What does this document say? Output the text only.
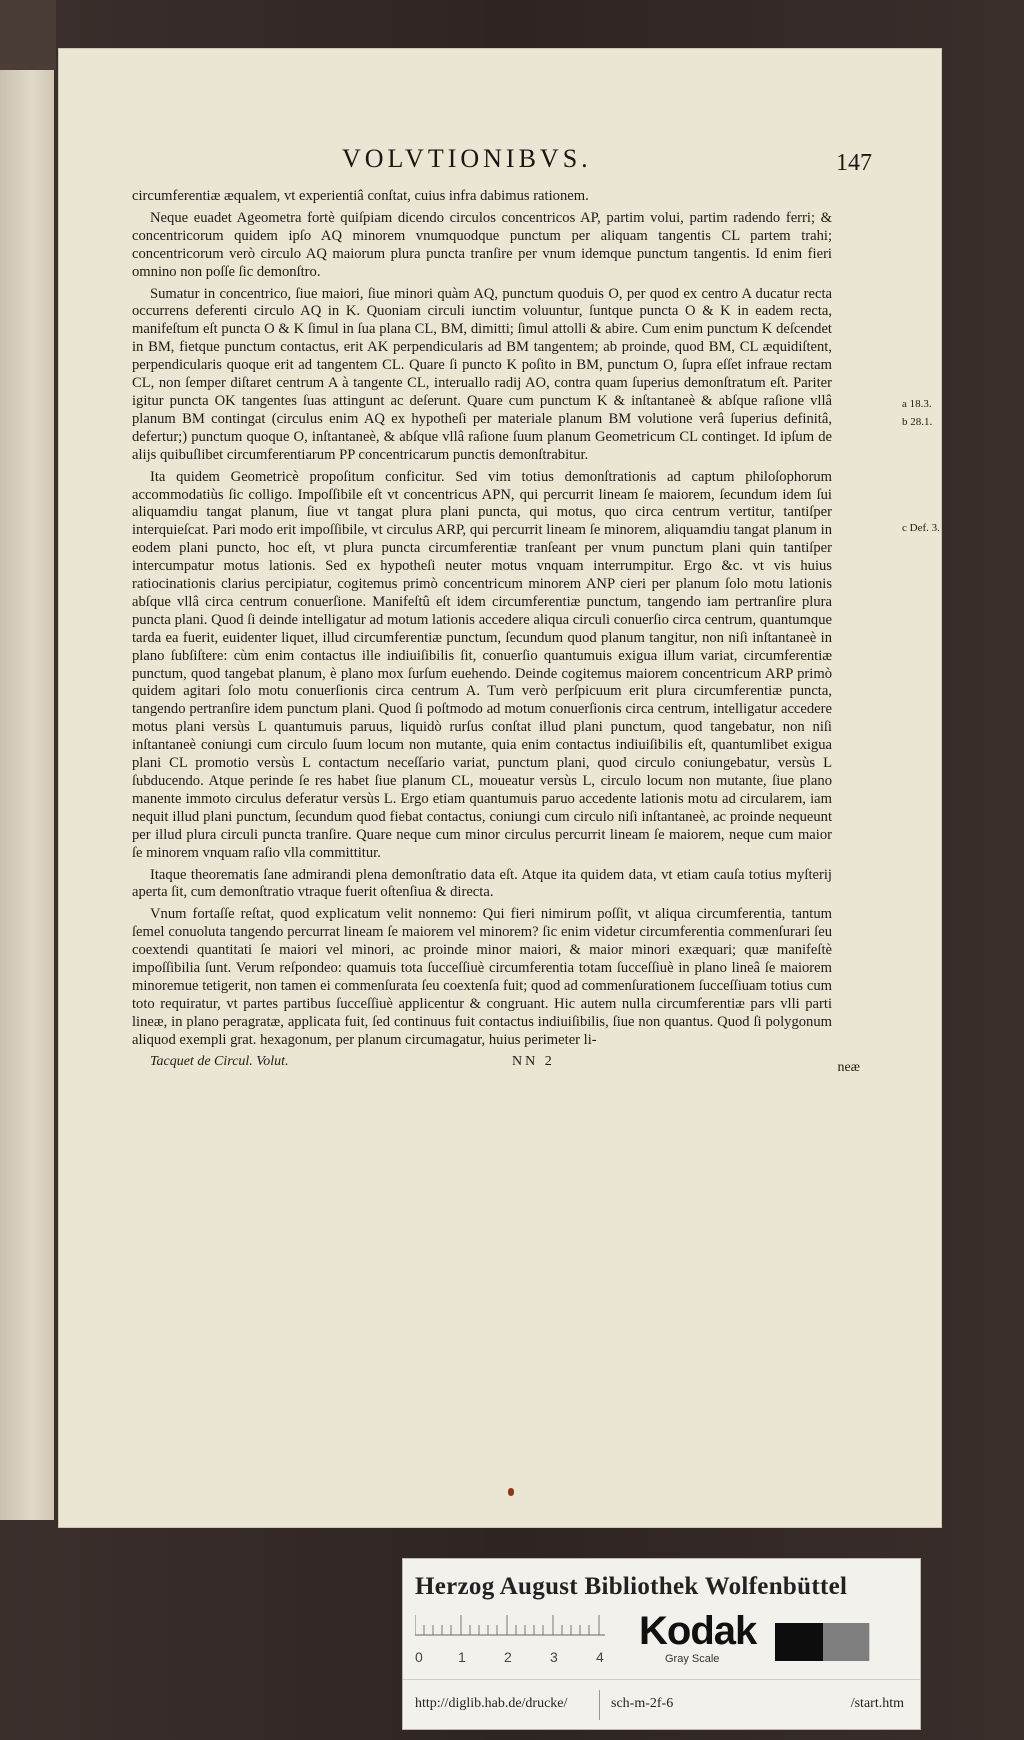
VOLVTIONIBVS.	147

circumferentiæ æqualem, vt experientiâ conſtat, cuius infra dabimus rationem.

Neque euadet Ageometra fortè quiſpiam dicendo circulos concentricos AP, partim volui, partim radendo ferri; & concentricorum quidem ipſo AQ minorem vnumquodque punctum per aliquam tangentis CL partem trahi; concentricorum verò circulo AQ maiorum plura puncta tranſire per vnum idemque punctum tangentis. Id enim fieri omnino non poſſe ſic demonſtro.

Sumatur in concentrico, ſiue maiori, ſiue minori quàm AQ, punctum quoduis O, per quod ex centro A ducatur recta occurrens deferenti circulo AQ in K. Quoniam circuli iunctim voluuntur, ſuntque puncta O & K in eadem recta, manifeſtum eſt puncta O & K ſimul in ſua plana CL, BM, dimitti; ſimul attolli & abire. Cum enim punctum K deſcendet in BM, fietque punctum contactus, erit AK perpendicularis ad BM tangentem; ab proinde, quod BM, CL æquidiſtent, perpendicularis quoque erit ad tangentem CL. Quare ſi puncto K poſito in BM, punctum O, ſupra eſſet infraue rectam CL, non ſemper diſtaret centrum A à tangente CL, interuallo radij AO, contra quam ſuperius demonſtratum eſt. Pariter igitur puncta OK tangentes ſuas attingunt ac deſerunt. Quare cum punctum K & inſtantaneè & abſque raſione vllâ planum BM contingat (circulus enim AQ ex hypotheſi per materiale planum BM volutione verâ ſuperius definitâ, defertur;) punctum quoque O, inſtantaneè, & abſque vllâ raſione ſuum planum Geometricum CL continget. Id ipſum de alijs quibuſlibet circumferentiarum PP concentricarum punctis demonſtrabitur.

Ita quidem Geometricè propoſitum conficitur. Sed vim totius demonſtrationis ad captum philoſophorum accommodatiùs ſic colligo. Impoſſibile eſt vt concentricus APN, qui percurrit lineam ſe maiorem, ſecundum idem ſui aliquamdiu tangat planum, ſiue vt tangat plura plani puncta, qui motus, quo circa centrum vertitur, tantiſper interquieſcat. Pari modo erit impoſſibile, vt circulus ARP, qui percurrit lineam ſe minorem, aliquamdiu tangat planum in eodem plani puncto, hoc eſt, vt plura puncta circumferentiæ tranſeant per vnum punctum plani quin tantiſper intercumpatur motus lationis. Sed ex hypotheſi neuter motus vnquam interrumpitur. Ergo &c. vt vis huius ratiocinationis clarius percipiatur, cogitemus primò concentricum minorem ANP cieri per planum ſolo motu lationis abſque vllâ circa centrum conuerſione. Manifeſtû eſt idem circumferentiæ punctum, tangendo iam pertranſire plura puncta plani. Quod ſi deinde intelligatur ad motum lationis accedere aliqua circuli conuerſio circa centrum, quantumque tarda ea fuerit, euidenter liquet, illud circumferentiæ punctum, ſecundum quod planum tangitur, non niſi inſtantaneè in plano ſubſiſtere: cùm enim contactus ille indiuiſibilis ſit, conuerſio quantumuis exigua illum variat, circumferentiæ punctum, quod tangebat planum, è plano mox ſurſum euehendo. Deinde cogitemus maiorem concentricum ARP primò quidem agitari ſolo motu conuerſionis circa centrum A. Tum verò perſpicuum erit plura circumferentiæ puncta, tangendo pertranſire idem punctum plani. Quod ſi poſtmodo ad motum conuerſionis circa centrum, intelligatur accedere motus plani versùs L quantumuis paruus, liquidò rurſus conſtat illud plani punctum, quod tangebatur, non niſi inſtantaneè coniungi cum circulo ſuum locum non mutante, quia enim contactus indiuiſibilis eſt, quantumlibet exigua plani CL promotio versùs L contactum neceſſario variat, punctum plani, quod circulo coniungebatur, versùs L ſubducendo. Atque perinde ſe res habet ſiue planum CL, moueatur versùs L, circulo locum non mutante, ſiue plano manente immoto circulus deferatur versùs L. Ergo etiam quantumuis paruo accedente lationis motu ad circularem, iam nequit illud plani punctum, ſecundum quod fiebat contactus, coniungi cum circulo niſi inſtantaneè, ac proinde nequeunt per illud plura circuli puncta tranſire. Quare neque cum minor circulus percurrit lineam ſe maiorem, neque cum maior ſe minorem vnquam raſio vlla committitur.

Itaque theorematis ſane admirandi plena demonſtratio data eſt. Atque ita quidem data, vt etiam cauſa totius myſterij aperta ſit, cum demonſtratio vtraque fuerit oſtenſiua & directa.

Vnum fortaſſe reſtat, quod explicatum velit nonnemo: Qui fieri nimirum poſſit, vt aliqua circumferentia, tantum ſemel conuoluta tangendo percurrat lineam ſe maiorem vel minorem? ſic enim videtur circumferentia commenſurari ſeu coextendi quantitati ſe maiori vel minori, ac proinde minor maiori, & maior minori exæquari; quæ manifeſtè impoſſibilia ſunt. Verum reſpondeo: quamuis tota ſucceſſiuè circumferentia totam ſucceſſiuè in plano lineâ ſe maiorem minoremue tetigerit, non tamen ei commenſurata ſeu coextenſa fuit; quod ad commenſurationem ſucceſſiuam totius cum toto requiratur, vt partes partibus ſucceſſiuè applicentur & congruant. Hic autem nulla circumferentiæ pars vlli parti lineæ, in plano peragratæ, applicata fuit, ſed continuus fuit contactus indiuiſibilis, ſiue non quantus. Quod ſi polygonum aliquod exempli grat. hexagonum, per planum circumagatur, huius perimeter li-

Tacquet de Circul. Volut.	NN 2	neæ
a 18.3.
b 28.1.
c Def. 3.
Herzog August Bibliothek Wolfenbüttel
0	1	2	3	4
Kodak
Gray Scale
http://diglib.hab.de/drucke/	sch-m-2f-6	/start.htm
